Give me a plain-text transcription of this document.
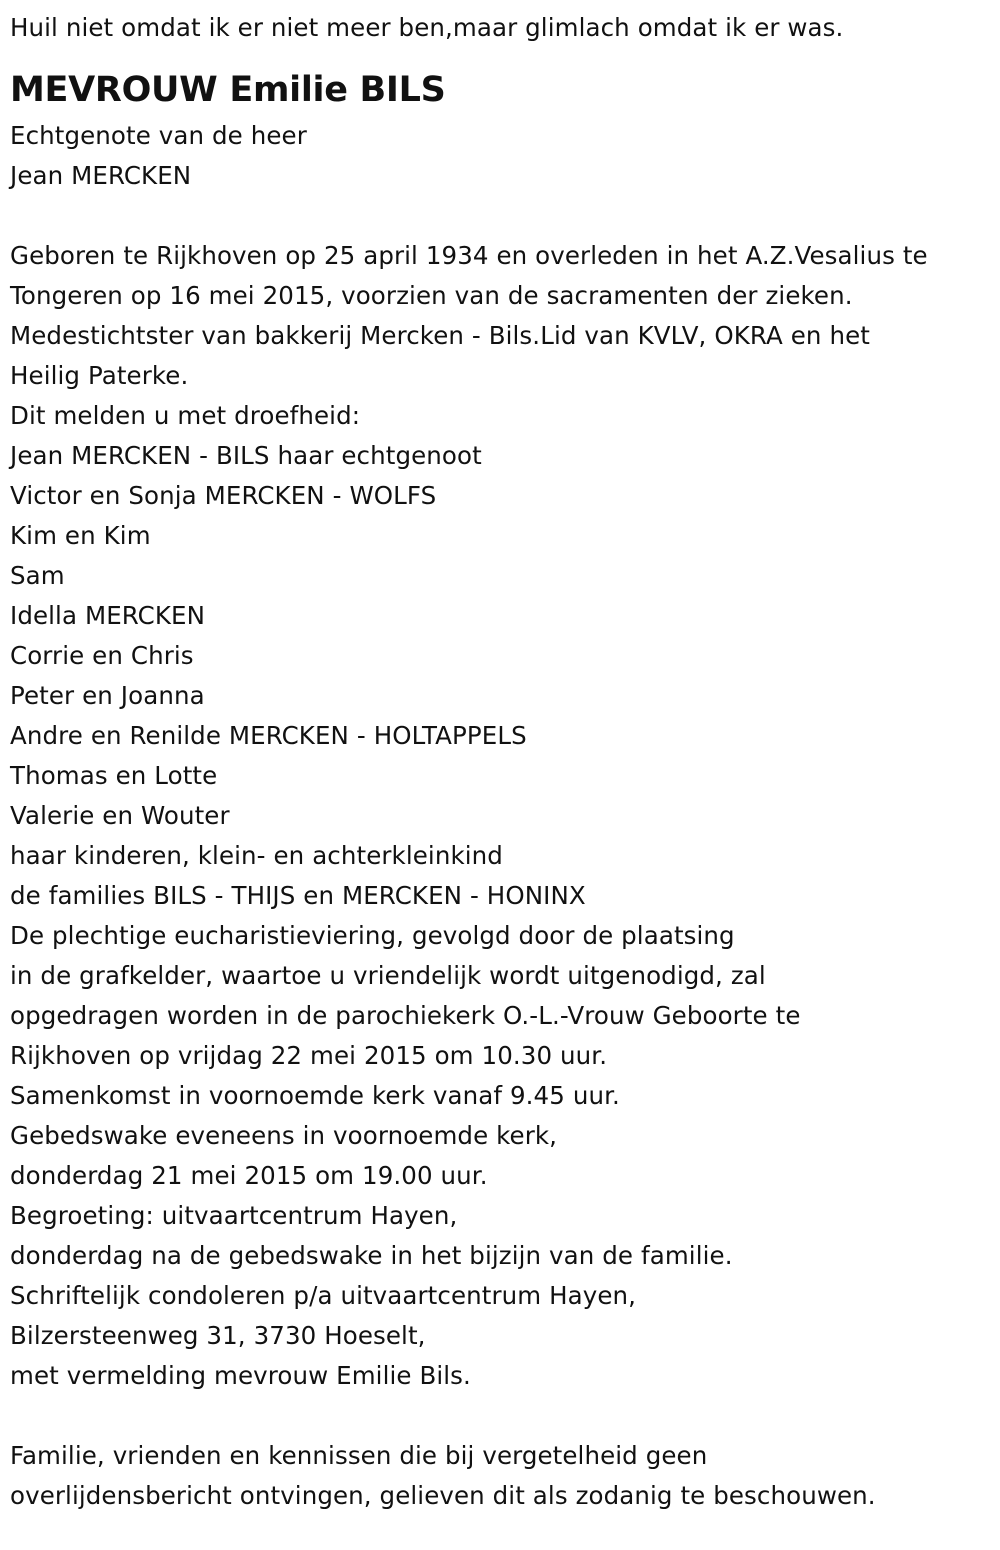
Huil niet omdat ik er niet meer ben,maar glimlach omdat ik er was.
MEVROUW Emilie BILS
Echtgenote van de heer
Jean MERCKEN
Geboren te Rijkhoven op 25 april 1934 en overleden in het A.Z.Vesalius te
Tongeren op 16 mei 2015, voorzien van de sacramenten der zieken.
Medestichtster van bakkerij Mercken - Bils.Lid van KVLV, OKRA en het
Heilig Paterke.
Dit melden u met droefheid:
Jean MERCKEN - BILS haar echtgenoot
Victor en Sonja MERCKEN - WOLFS
Kim en Kim
Sam
Idella MERCKEN
Corrie en Chris
Peter en Joanna
Andre en Renilde MERCKEN - HOLTAPPELS
Thomas en Lotte
Valerie en Wouter
haar kinderen, klein- en achterkleinkind
de families BILS - THIJS en MERCKEN - HONINX
De plechtige eucharistieviering, gevolgd door de plaatsing
in de grafkelder, waartoe u vriendelijk wordt uitgenodigd, zal
opgedragen worden in de parochiekerk O.-L.-Vrouw Geboorte te
Rijkhoven op vrijdag 22 mei 2015 om 10.30 uur.
Samenkomst in voornoemde kerk vanaf 9.45 uur.
Gebedswake eveneens in voornoemde kerk,
donderdag 21 mei 2015 om 19.00 uur.
Begroeting: uitvaartcentrum Hayen,
donderdag na de gebedswake in het bijzijn van de familie.
Schriftelijk condoleren p/a uitvaartcentrum Hayen,
Bilzersteenweg 31, 3730 Hoeselt,
met vermelding mevrouw Emilie Bils.
Familie, vrienden en kennissen die bij vergetelheid geen
overlijdensbericht ontvingen, gelieven dit als zodanig te beschouwen.
